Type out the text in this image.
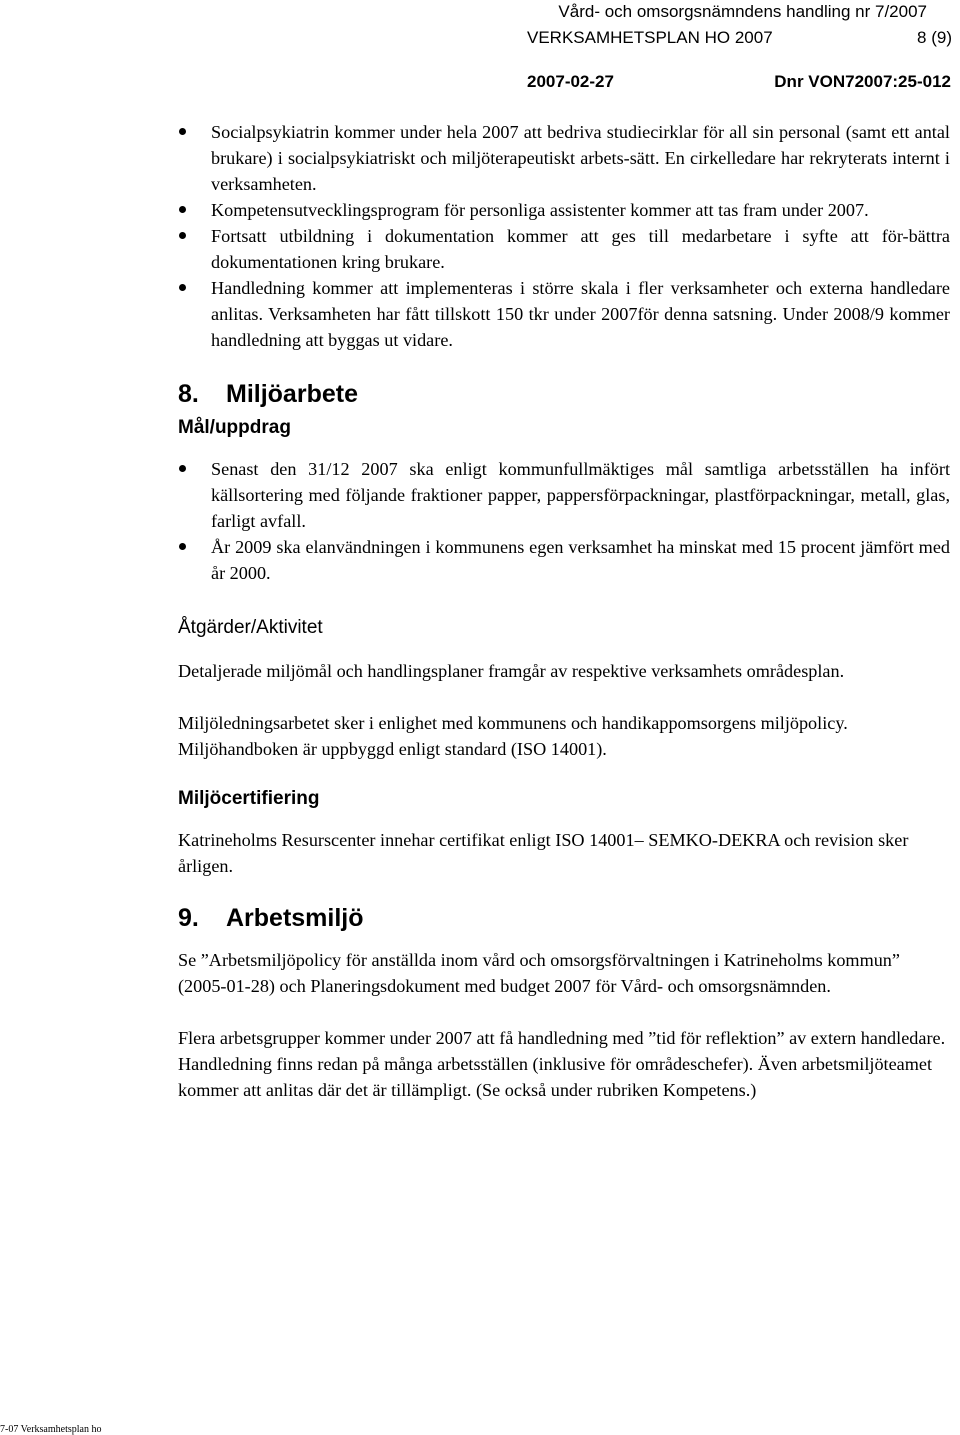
Vård- och omsorgsnämndens handling nr 7/2007
VERKSAMHETSPLAN HO 2007	8 (9)
2007-02-27	Dnr VON72007:25-012
Socialpsykiatrin kommer under hela 2007 att bedriva studiecirklar för all sin personal (samt ett antal brukare) i socialpsykiatriskt och miljöterapeutiskt arbets-sätt. En cirkelledare har rekryterats internt i verksamheten.
Kompetensutvecklingsprogram för personliga assistenter kommer att tas fram under 2007.
Fortsatt utbildning i dokumentation kommer att ges till medarbetare i syfte att för-bättra dokumentationen kring brukare.
Handledning kommer att implementeras i större skala i fler verksamheter och externa handledare anlitas. Verksamheten har fått tillskott 150 tkr under 2007för denna satsning. Under 2008/9 kommer handledning att byggas ut vidare.
8. Miljöarbete
Mål/uppdrag
Senast den 31/12 2007 ska enligt kommunfullmäktiges mål samtliga arbetsställen ha infört källsortering med följande fraktioner papper, pappersförpackningar, plastförpackningar, metall, glas, farligt avfall.
År 2009 ska elanvändningen i kommunens egen verksamhet ha minskat med 15 procent jämfört med år 2000.
Åtgärder/Aktivitet

Detaljerade miljömål och handlingsplaner framgår av respektive verksamhets områdesplan.

Miljöledningsarbetet sker i enlighet med kommunens och handikappomsorgens miljöpolicy. Miljöhandboken är uppbyggd enligt standard (ISO 14001).

Miljöcertifiering

Katrineholms Resurscenter innehar certifikat enligt ISO 14001– SEMKO-DEKRA och revision sker årligen.

9. Arbetsmiljö

Se ”Arbetsmiljöpolicy för anställda inom vård och omsorgsförvaltningen i Katrineholms kommun” (2005-01-28) och Planeringsdokument med budget 2007 för Vård- och omsorgsnämnden.

Flera arbetsgrupper kommer under 2007 att få handledning med ”tid för reflektion” av extern handledare. Handledning finns redan på många arbetsställen (inklusive för områdeschefer). Även arbetsmiljöteamet kommer att anlitas där det är tillämpligt. (Se också under rubriken Kompetens.)

7-07 Verksamhetsplan ho
